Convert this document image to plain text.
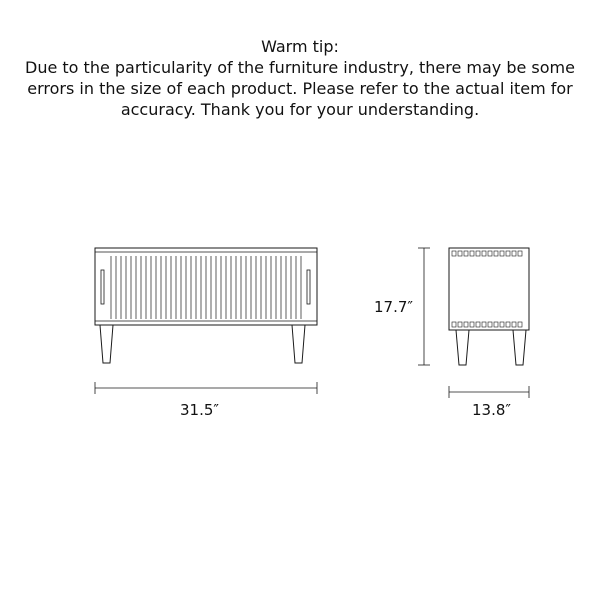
Warm tip:
Due to the particularity of the furniture industry, there may be some
errors in the size of each product. Please refer to the actual item for
accuracy. Thank you for your understanding.
31.5″
17.7″
13.8″
